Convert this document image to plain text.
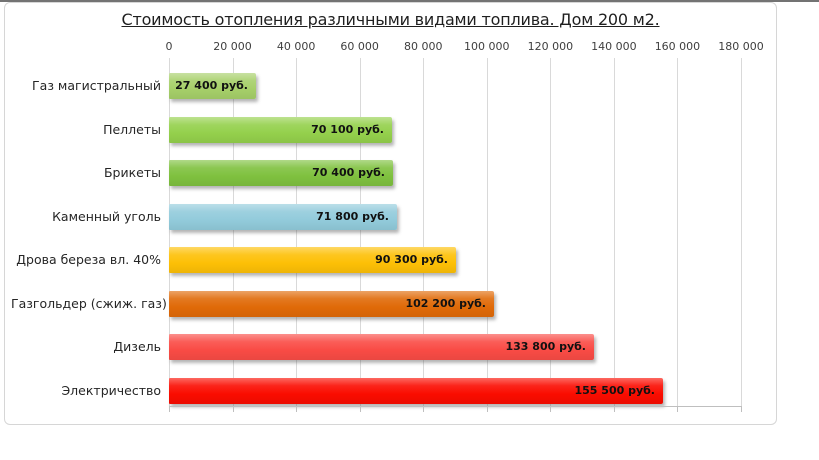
Стоимость отопления различными видами топлива. Дом 200 м2.
0	20 000	40 000	60 000	80 000	100 000	120 000	140 000	160 000	180 000
Газ магистральный 27 400 руб.
Пеллеты	70 100 руб.
Брикеты	70 400 руб.
Каменный уголь	71 800 руб.
Дрова береза вл. 40%	90 300 руб.
Газгольдер (сжиж. газ)	102 200 руб.
Дизель	133 800 руб.
Электричество	155 500 руб.
